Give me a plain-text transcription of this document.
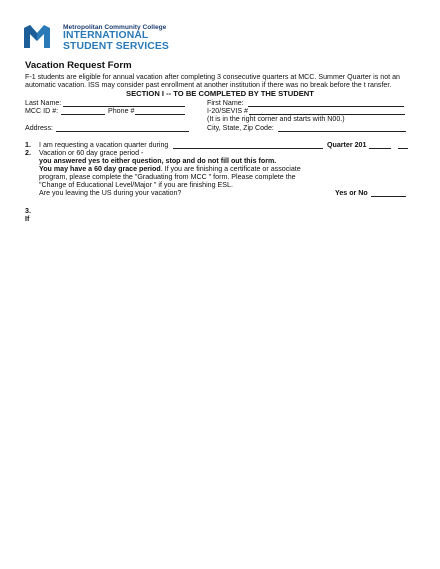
Metropolitan Community College
INTERNATIONAL
STUDENT SERVICES
Vacation Request Form
F-1 students are eligible for annual vacation after completing 3 consecutive quarters at MCC. Summer Quarter is not an
automatic vacation. ISS may consider past enrollment at another institution if there was no break before the t ransfer.
SECTION I -- TO BE COMPLETED BY THE STUDENT
Last Name:	First Name:
MCC ID #:	Phone #	I-20/SEVIS #
(It is in the right corner and starts with N00.)
Address:	City, State, Zip Code:
1. I am requesting a vacation quarter during	Quarter 201
2. Vacation or 60 day grace period -
you answered yes to either question, stop and do not fill out this form.
You may have a 60 day grace period. If you are finishing a certificate or associate
program, please complete the "Graduating from MCC " form. Please complete the
"Change of Educational Level/Major " if you are finishing ESL.
Are you leaving the US during your vacation?	Yes or No
3.
If
